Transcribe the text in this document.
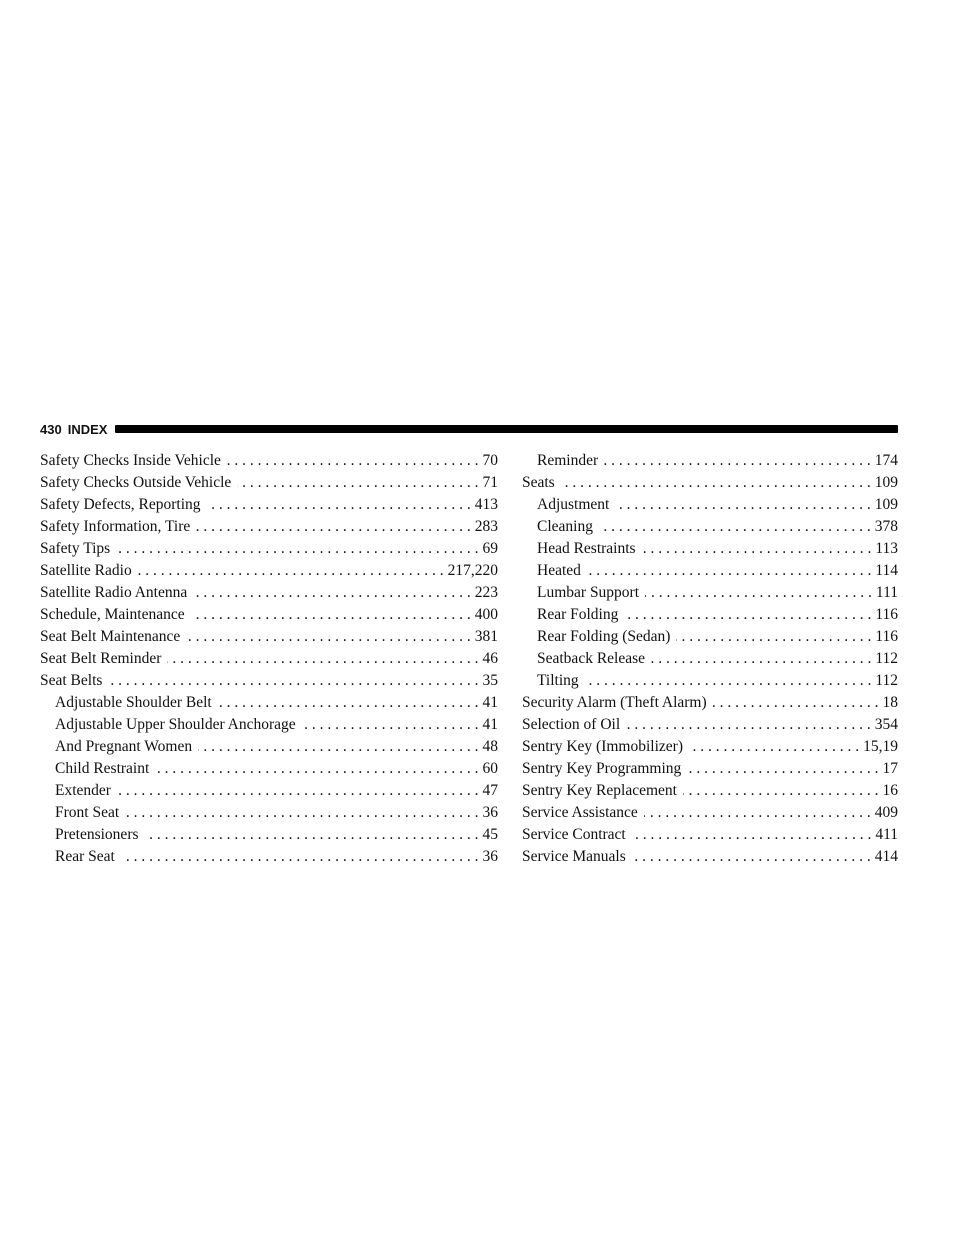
430 INDEX
Safety Checks Inside Vehicle . . .	70
Safety Checks Outside Vehicle . . .	71
Safety Defects, Reporting . . .	413
Safety Information, Tire . . .	283
Safety Tips . . .	69
Satellite Radio . . .	217,220
Satellite Radio Antenna . . .	223
Schedule, Maintenance . . .	400
Seat Belt Maintenance . . .	381
Seat Belt Reminder . . .	46
Seat Belts . . .	35
Adjustable Shoulder Belt . . .	41
Adjustable Upper Shoulder Anchorage . . .	41
And Pregnant Women . . .	48
Child Restraint . . .	60
Extender . . .	47
Front Seat . . .	36
Pretensioners . . .	45
Rear Seat . . .	36
Reminder . . .	174
Seats . . .	109
Adjustment . . .	109
Cleaning . . .	378
Head Restraints . . .	113
Heated . . .	114
Lumbar Support . . .	111
Rear Folding . . .	116
Rear Folding (Sedan) . . .	116
Seatback Release . . .	112
Tilting . . .	112
Security Alarm (Theft Alarm) . . .	18
Selection of Oil . . .	354
Sentry Key (Immobilizer) . . .	15,19
Sentry Key Programming . . .	17
Sentry Key Replacement . . .	16
Service Assistance . . .	409
Service Contract . . .	411
Service Manuals . . .	414
